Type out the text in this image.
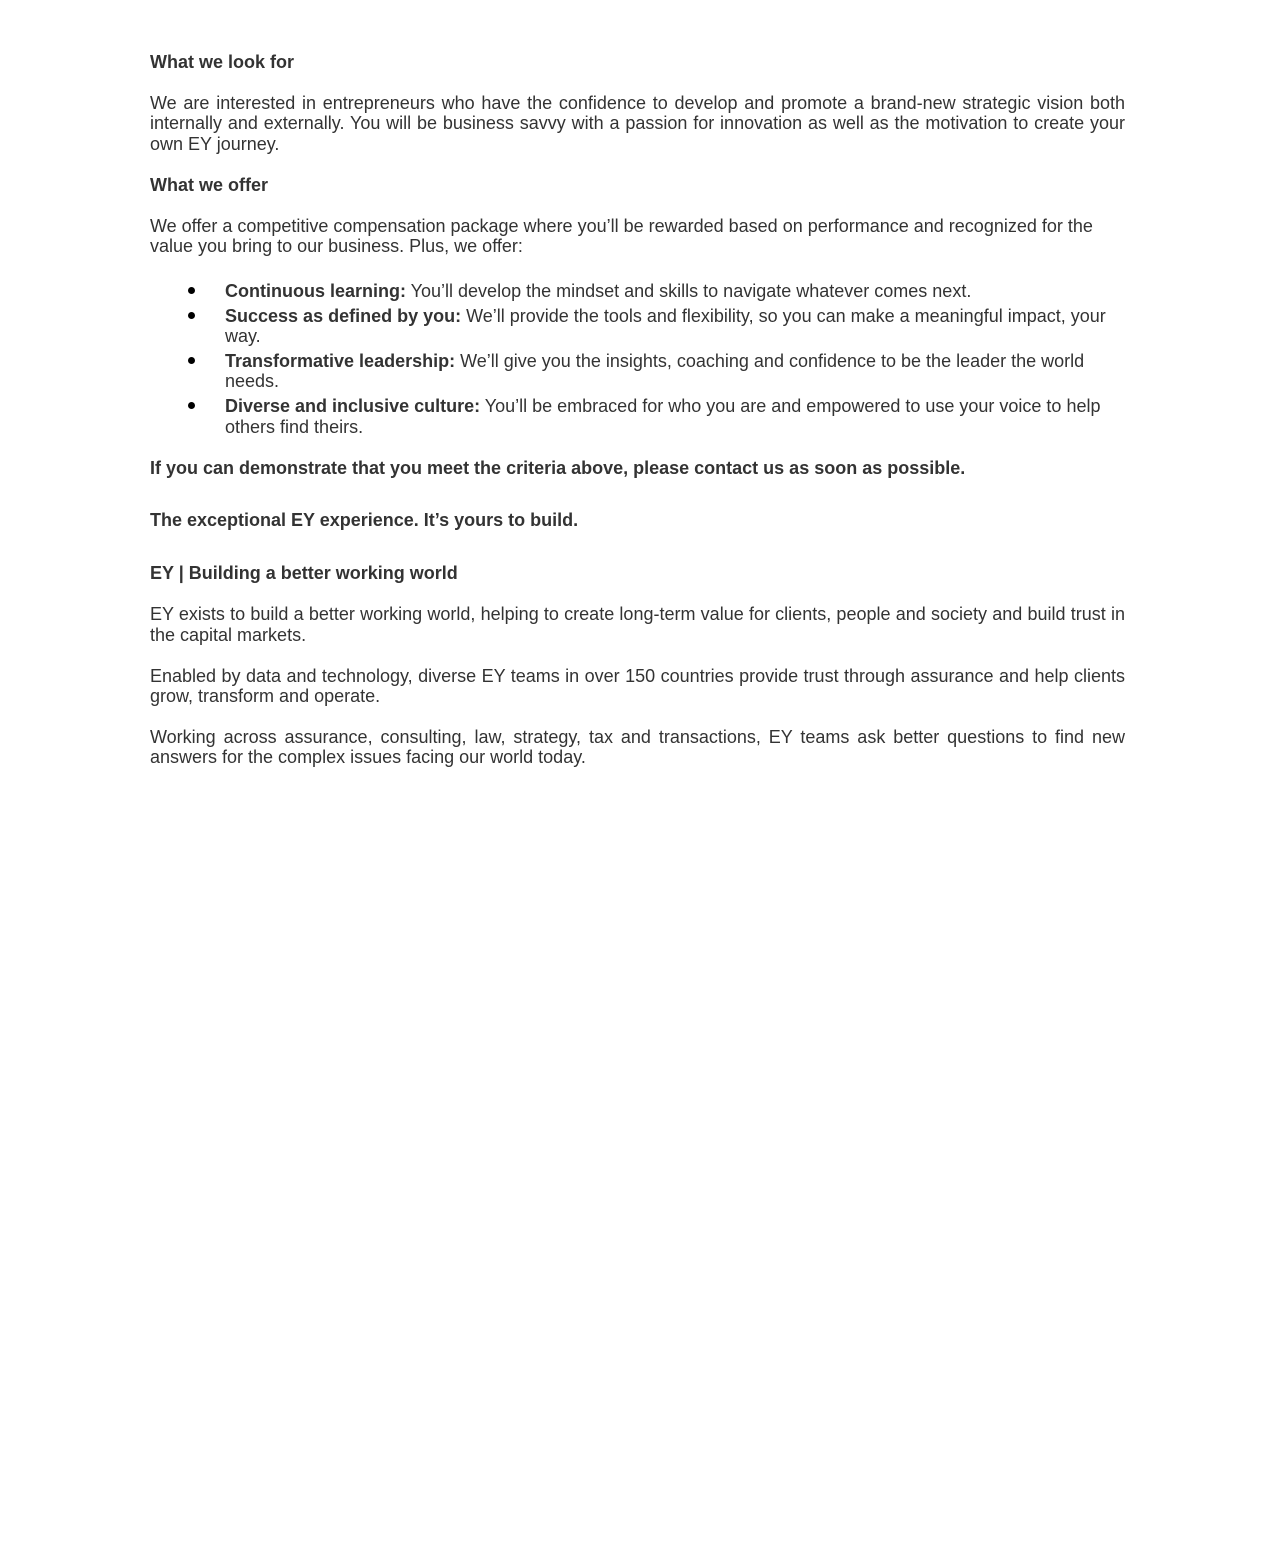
What we look for

We are interested in entrepreneurs who have the confidence to develop and promote a brand-new strategic vision both internally and externally. You will be business savvy with a passion for innovation as well as the motivation to create your own EY journey.

What we offer

We offer a competitive compensation package where you’ll be rewarded based on performance and recognized for the value you bring to our business. Plus, we offer:

Continuous learning: You’ll develop the mindset and skills to navigate whatever comes next.
Success as defined by you: We’ll provide the tools and flexibility, so you can make a meaningful impact, your way.
Transformative leadership: We’ll give you the insights, coaching and confidence to be the leader the world needs.
Diverse and inclusive culture: You’ll be embraced for who you are and empowered to use your voice to help others find theirs.

If you can demonstrate that you meet the criteria above, please contact us as soon as possible.

The exceptional EY experience. It’s yours to build.

EY | Building a better working world

EY exists to build a better working world, helping to create long-term value for clients, people and society and build trust in the capital markets.

Enabled by data and technology, diverse EY teams in over 150 countries provide trust through assurance and help clients grow, transform and operate.

Working across assurance, consulting, law, strategy, tax and transactions, EY teams ask better questions to find new answers for the complex issues facing our world today.
